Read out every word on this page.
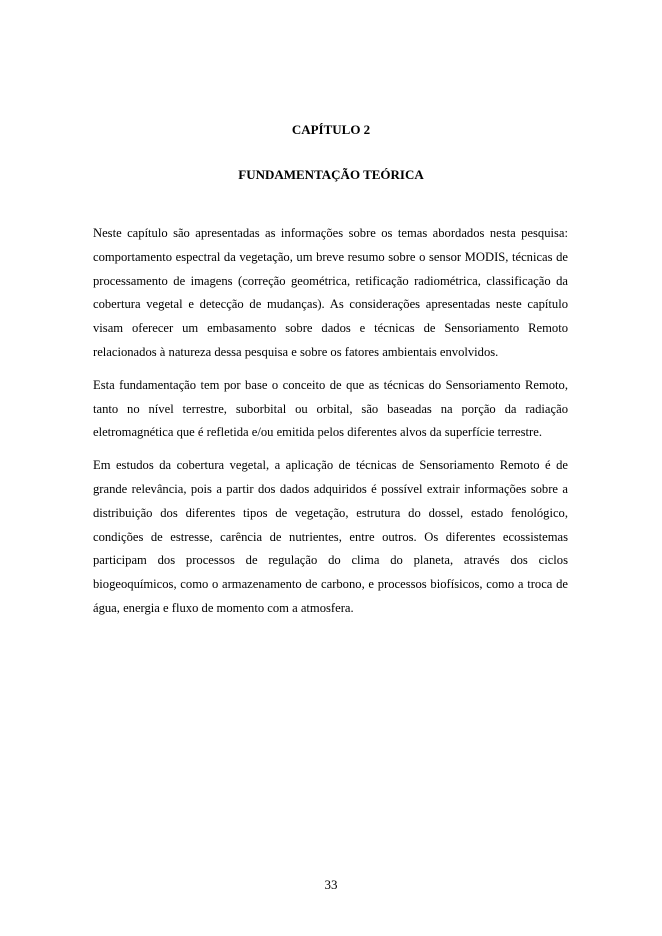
CAPÍTULO 2
FUNDAMENTAÇÃO TEÓRICA

Neste capítulo são apresentadas as informações sobre os temas abordados nesta pesquisa: comportamento espectral da vegetação, um breve resumo sobre o sensor MODIS, técnicas de processamento de imagens (correção geométrica, retificação radiométrica, classificação da cobertura vegetal e detecção de mudanças). As considerações apresentadas neste capítulo visam oferecer um embasamento sobre dados e técnicas de Sensoriamento Remoto relacionados à natureza dessa pesquisa e sobre os fatores ambientais envolvidos.

Esta fundamentação tem por base o conceito de que as técnicas do Sensoriamento Remoto, tanto no nível terrestre, suborbital ou orbital, são baseadas na porção da radiação eletromagnética que é refletida e/ou emitida pelos diferentes alvos da superfície terrestre.

Em estudos da cobertura vegetal, a aplicação de técnicas de Sensoriamento Remoto é de grande relevância, pois a partir dos dados adquiridos é possível extrair informações sobre a distribuição dos diferentes tipos de vegetação, estrutura do dossel, estado fenológico, condições de estresse, carência de nutrientes, entre outros. Os diferentes ecossistemas participam dos processos de regulação do clima do planeta, através dos ciclos biogeoquímicos, como o armazenamento de carbono, e processos biofísicos, como a troca de água, energia e fluxo de momento com a atmosfera.

33
